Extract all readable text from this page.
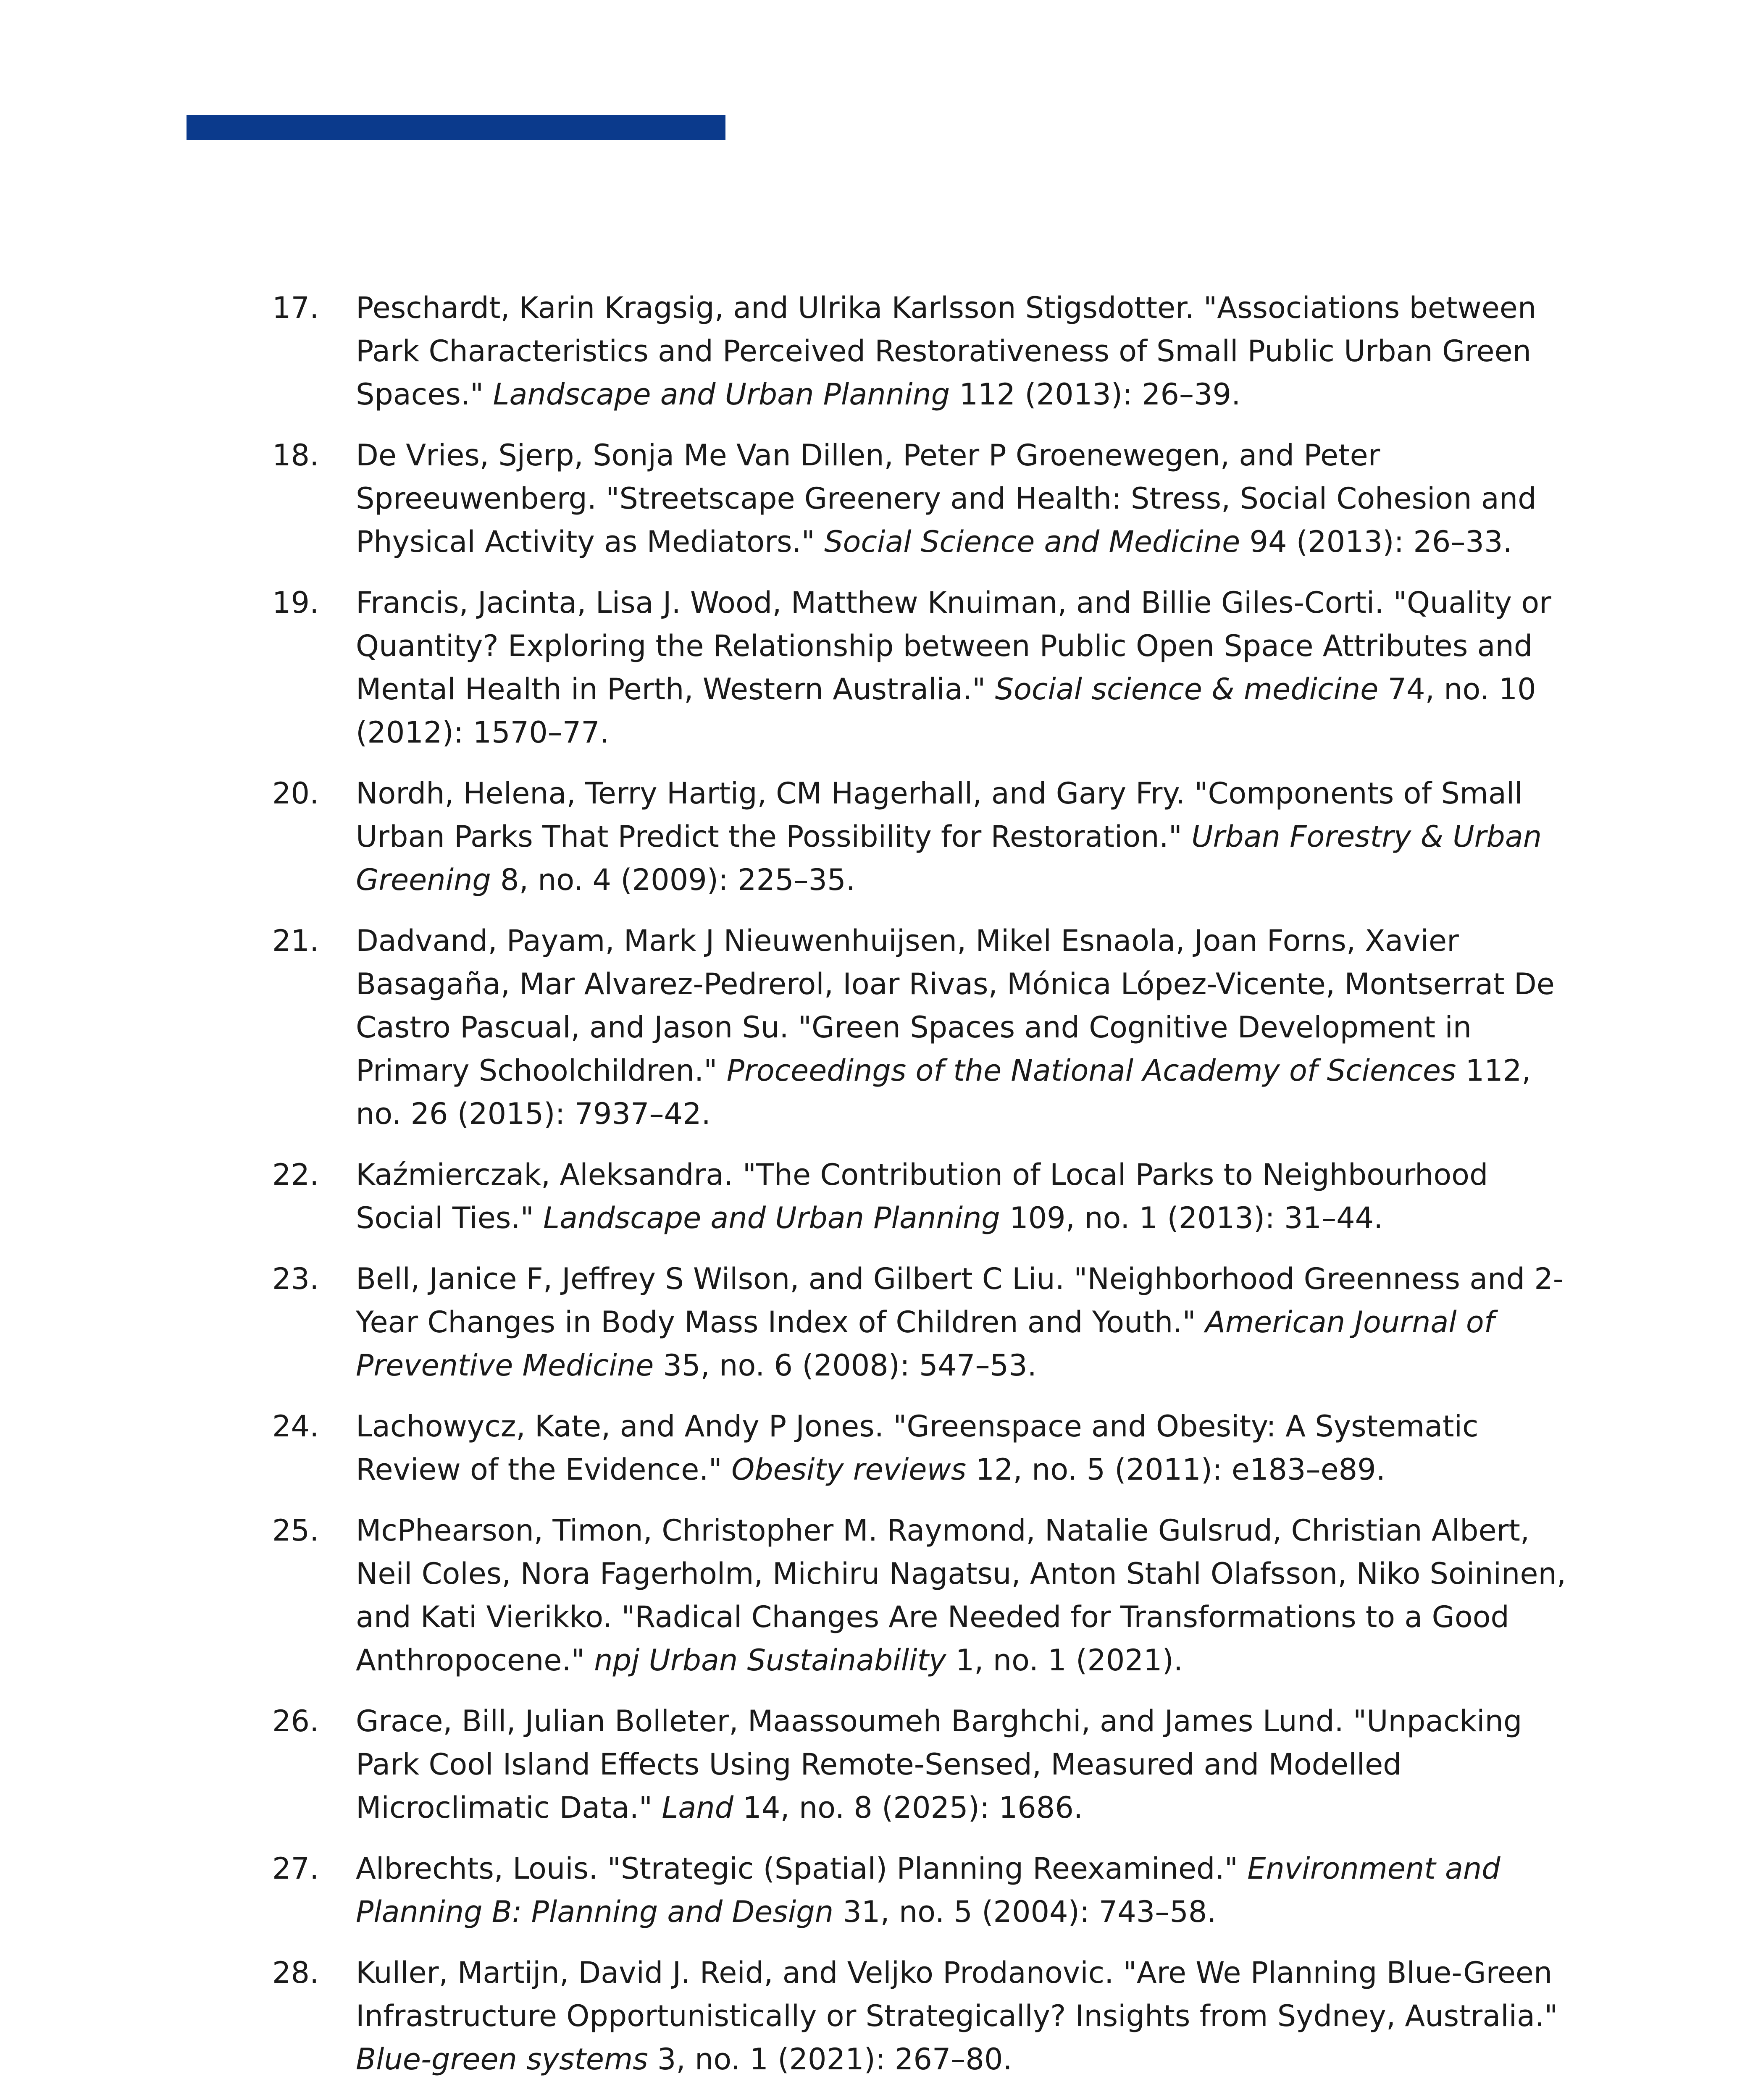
17. Peschardt, Karin Kragsig, and Ulrika Karlsson Stigsdotter. "Associations between Park Characteristics and Perceived Restorativeness of Small Public Urban Green Spaces." Landscape and Urban Planning 112 (2013): 26–39.
18. De Vries, Sjerp, Sonja Me Van Dillen, Peter P Groenewegen, and Peter Spreeuwenberg. "Streetscape Greenery and Health: Stress, Social Cohesion and Physical Activity as Mediators." Social Science and Medicine 94 (2013): 26–33.
19. Francis, Jacinta, Lisa J. Wood, Matthew Knuiman, and Billie Giles-Corti. "Quality or Quantity? Exploring the Relationship between Public Open Space Attributes and Mental Health in Perth, Western Australia." Social science & medicine 74, no. 10 (2012): 1570–77.
20. Nordh, Helena, Terry Hartig, CM Hagerhall, and Gary Fry. "Components of Small Urban Parks That Predict the Possibility for Restoration." Urban Forestry & Urban Greening 8, no. 4 (2009): 225–35.
21. Dadvand, Payam, Mark J Nieuwenhuijsen, Mikel Esnaola, Joan Forns, Xavier Basagaña, Mar Alvarez-Pedrerol, Ioar Rivas, Mónica López-Vicente, Montserrat De Castro Pascual, and Jason Su. "Green Spaces and Cognitive Development in Primary Schoolchildren." Proceedings of the National Academy of Sciences 112, no. 26 (2015): 7937–42.
22. Kaźmierczak, Aleksandra. "The Contribution of Local Parks to Neighbourhood Social Ties." Landscape and Urban Planning 109, no. 1 (2013): 31–44.
23. Bell, Janice F, Jeffrey S Wilson, and Gilbert C Liu. "Neighborhood Greenness and 2-Year Changes in Body Mass Index of Children and Youth." American Journal of Preventive Medicine 35, no. 6 (2008): 547–53.
24. Lachowycz, Kate, and Andy P Jones. "Greenspace and Obesity: A Systematic Review of the Evidence." Obesity reviews 12, no. 5 (2011): e183–e89.
25. McPhearson, Timon, Christopher M. Raymond, Natalie Gulsrud, Christian Albert, Neil Coles, Nora Fagerholm, Michiru Nagatsu, Anton Stahl Olafsson, Niko Soininen, and Kati Vierikko. "Radical Changes Are Needed for Transformations to a Good Anthropocene." npj Urban Sustainability 1, no. 1 (2021).
26. Grace, Bill, Julian Bolleter, Maassoumeh Barghchi, and James Lund. "Unpacking Park Cool Island Effects Using Remote-Sensed, Measured and Modelled Microclimatic Data." Land 14, no. 8 (2025): 1686.
27. Albrechts, Louis. "Strategic (Spatial) Planning Reexamined." Environment and Planning B: Planning and Design 31, no. 5 (2004): 743–58.
28. Kuller, Martijn, David J. Reid, and Veljko Prodanovic. "Are We Planning Blue-Green Infrastructure Opportunistically or Strategically? Insights from Sydney, Australia." Blue-green systems 3, no. 1 (2021): 267–80.
